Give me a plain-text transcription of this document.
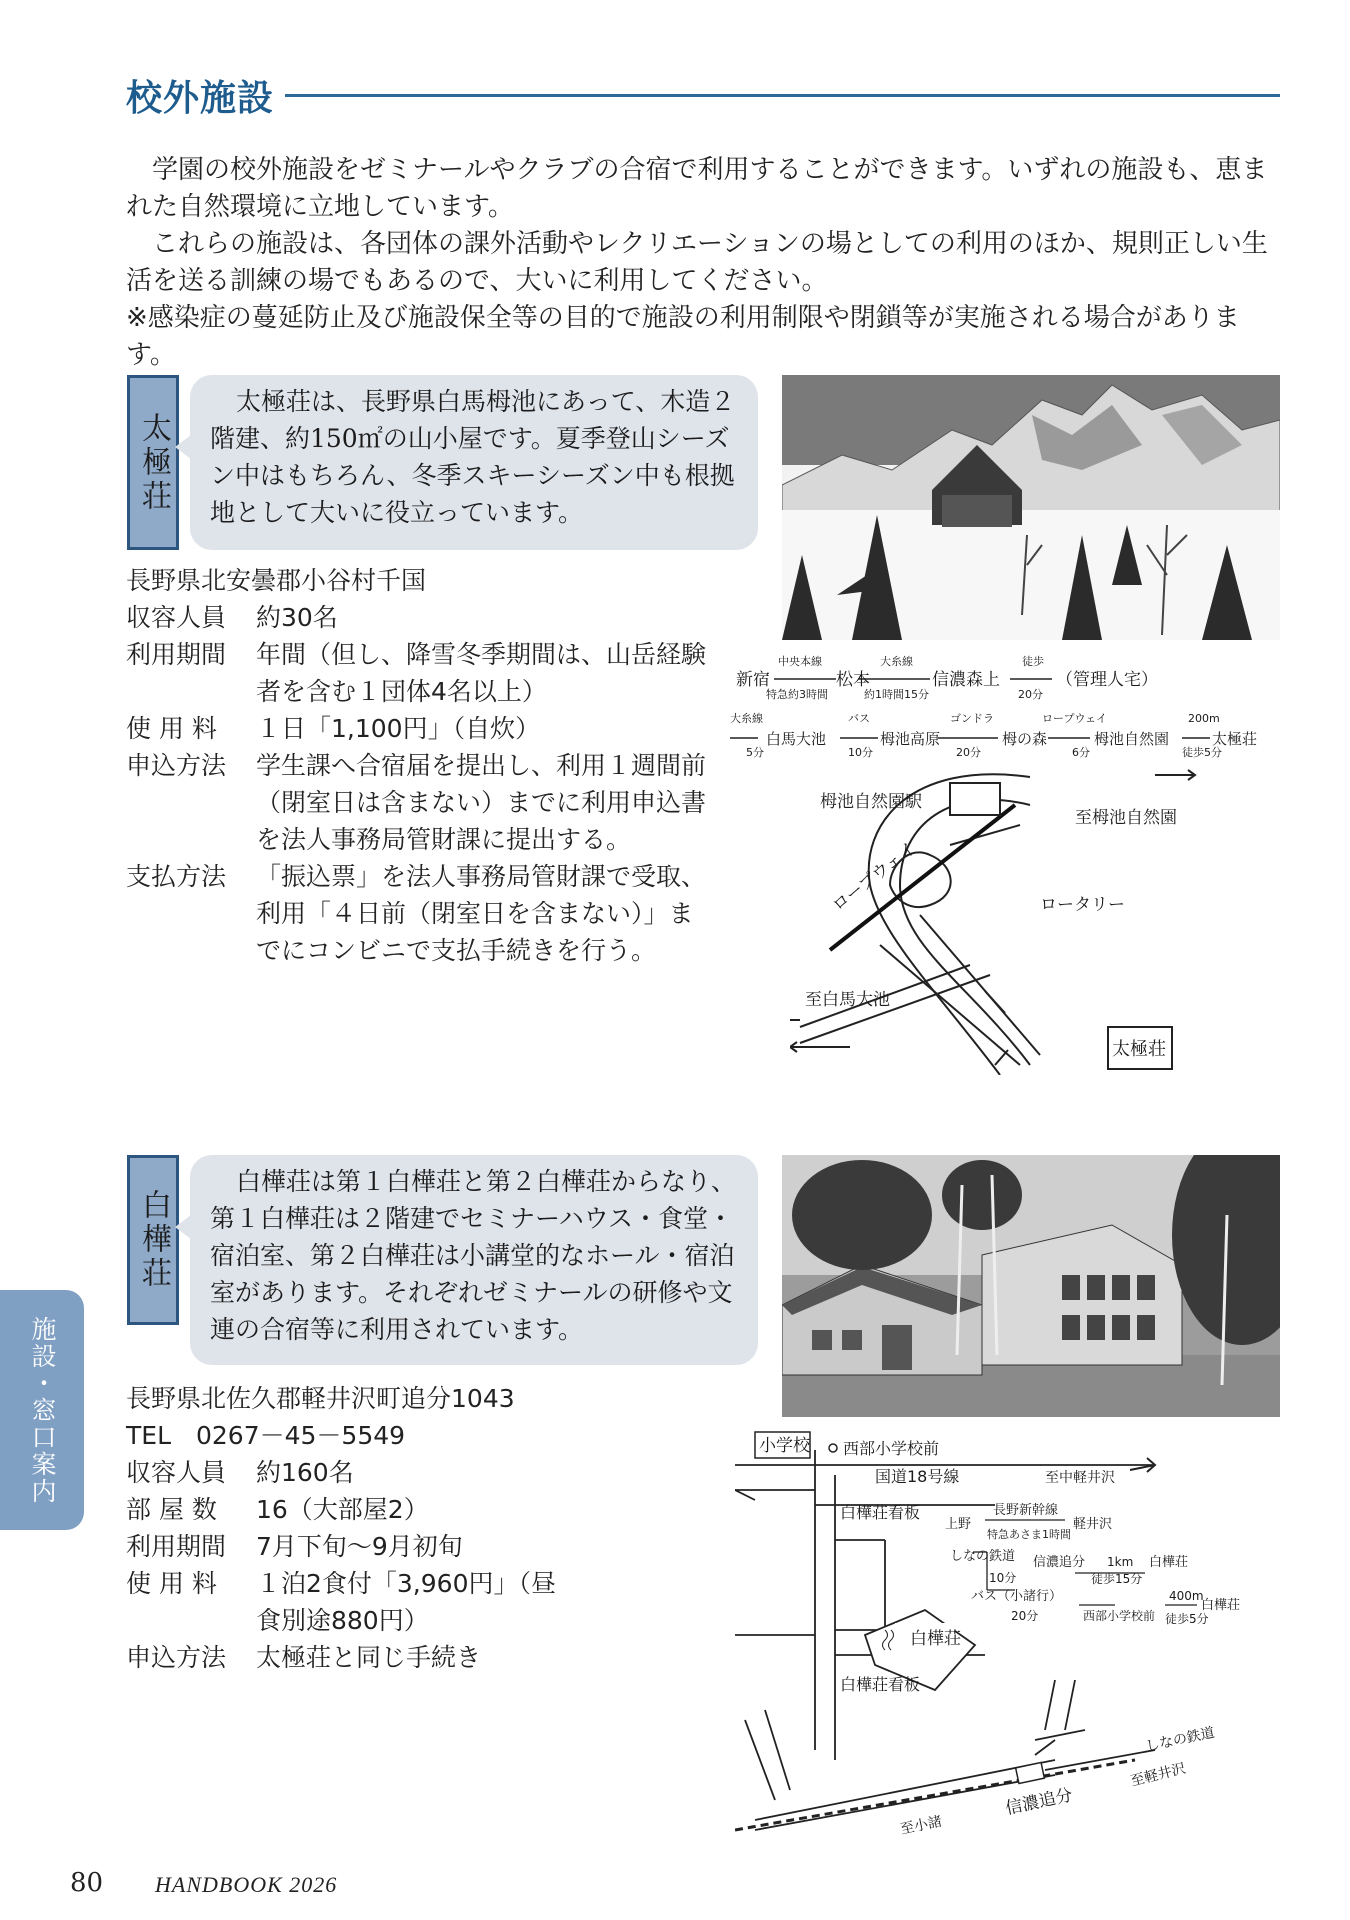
校外施設

学園の校外施設をゼミナールやクラブの合宿で利用することができます。いずれの施設も、恵まれた自然環境に立地しています。

これらの施設は、各団体の課外活動やレクリエーションの場としての利用のほか、規則正しい生活を送る訓練の場でもあるので、大いに利用してください。

※感染症の蔓延防止及び施設保全等の目的で施設の利用制限や閉鎖等が実施される場合があります。

太極荘
太極荘は、長野県白馬栂池にあって、木造２階建、約150㎡の山小屋です。夏季登山シーズン中はもちろん、冬季スキーシーズン中も根拠地として大いに役立っています。
長野県北安曇郡小谷村千国
収容人員	約30名
利用期間	年間（但し、降雪冬季期間は、山岳経験者を含む１団体4名以上）
使 用 料	１日「1,100円」（自炊）
申込方法	学生課へ合宿届を提出し、利用１週間前（閉室日は含まない）までに利用申込書を法人事務局管財課に提出する。
支払方法	「振込票」を法人事務局管財課で受取、利用「４日前（閉室日を含まない）」までにコンビニで支払手続きを行う。
新宿
中央本線
特急約3時間
松本
大糸線
約1時間15分
信濃森上
徒歩
20分
（管理人宅）
大糸線
5分
白馬大池
バス
10分
栂池高原
ゴンドラ
20分
栂の森
ロープウェイ
6分
栂池自然園
200m
徒歩5分
太極荘
栂池自然園駅
至栂池自然園
ロープウェイ	ロータリー
至白馬大池
太極荘
白樺荘
白樺荘は第１白樺荘と第２白樺荘からなり、第１白樺荘は２階建でセミナーハウス・食堂・宿泊室、第２白樺荘は小講堂的なホール・宿泊室があります。それぞれゼミナールの研修や文連の合宿等に利用されています。
長野県北佐久郡軽井沢町追分1043
TEL　0267－45－5549
収容人員	約160名
部 屋 数	16（大部屋2）
利用期間	7月下旬〜9月初旬
使 用 料	１泊2食付「3,960円」（昼食別途880円）
申込方法	太極荘と同じ手続き
小学校 西部小学校前
国道18号線	至中軽井沢
白樺荘看板
白樺荘
白樺荘看板
上野
長野新幹線
特急あさま1時間
軽井沢
しなの鉄道
10分
信濃追分 1km
徒歩15分
白樺荘
バス（小諸行）
20分	西部小学校前
400m
徒歩5分
白樺荘
しなの鉄道
至軽井沢
至小諸
信濃追分
施設・窓口案内
80 HANDBOOK 2026
